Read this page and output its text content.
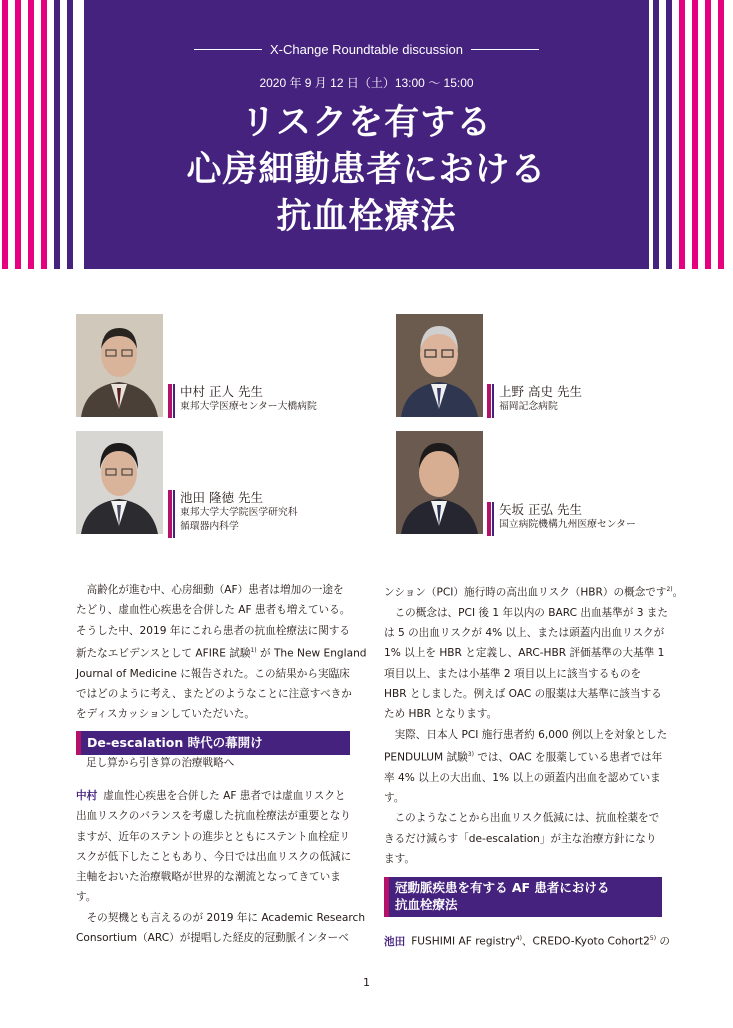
X-Change Roundtable discussion
2020 年 9 月 12 日（土）13:00 ～ 15:00
リスクを有する
心房細動患者における
抗血栓療法
中村 正人 先生
東邦大学医療センター大橋病院
上野 高史 先生
福岡記念病院
池田 隆徳 先生
東邦大学大学院医学研究科
循環器内科学
矢坂 正弘 先生
国立病院機構九州医療センター

　高齢化が進む中、心房細動（AF）患者は増加の一途を

たどり、虚血性心疾患を合併した AF 患者も増えている。

そうした中、2019 年にこれら患者の抗血栓療法に関する

新たなエビデンスとして AFIRE 試験$^{1)}$ が The New England

Journal of Medicine に報告された。この結果から実臨床

ではどのように考え、またどのようなことに注意すべきか

をディスカッションしていただいた。

De-escalation 時代の幕開け
足し算から引き算の治療戦略へ

中村 虚血性心疾患を合併した AF 患者では虚血リスクと

出血リスクのバランスを考慮した抗血栓療法が重要となり

ますが、近年のステントの進歩とともにステント血栓症リ

スクが低下したこともあり、今日では出血リスクの低減に

主軸をおいた治療戦略が世界的な潮流となってきていま

す。

　その契機とも言えるのが 2019 年に Academic Research

Consortium（ARC）が提唱した経皮的冠動脈インターベ

ンション（PCI）施行時の高出血リスク（HBR）の概念です$^{2)}$。

　この概念は、PCI 後 1 年以内の BARC 出血基準が 3 また

は 5 の出血リスクが 4% 以上、または頭蓋内出血リスクが

1% 以上を HBR と定義し、ARC-HBR 評価基準の大基準 1

項目以上、または小基準 2 項目以上に該当するものを

HBR としました。例えば OAC の服薬は大基準に該当する

ため HBR となります。

　実際、日本人 PCI 施行患者約 6,000 例以上を対象とした

PENDULUM 試験$^{3)}$ では、OAC を服薬している患者では年

率 4% 以上の大出血、1% 以上の頭蓋内出血を認めていま

す。

　このようなことから出血リスク低減には、抗血栓薬をで

きるだけ減らす「de-escalation」が主な治療方針になり

ます。

冠動脈疾患を有する AF 患者における
抗血栓療法

池田 FUSHIMI AF registry$^{4)}$、CREDO-Kyoto Cohort2$^{5)}$ の

1
